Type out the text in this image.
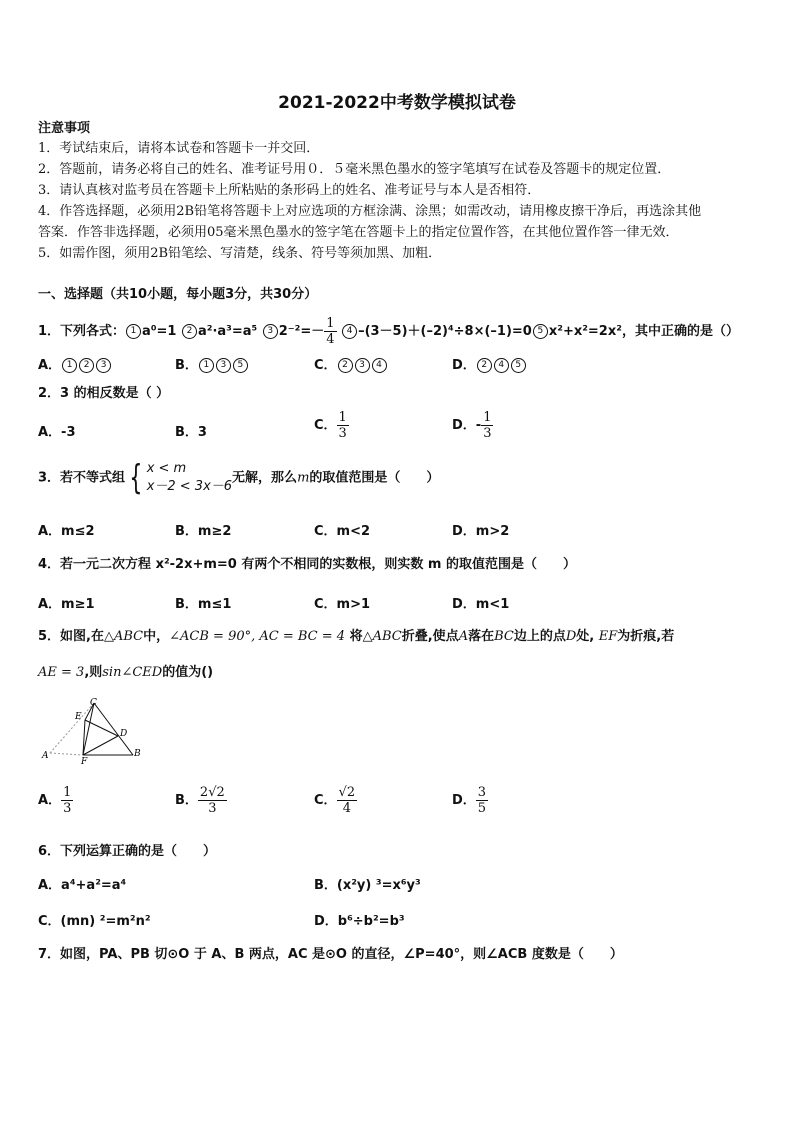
2021-2022中考数学模拟试卷
注意事项
1．考试结束后，请将本试卷和答题卡一并交回．
2．答题前，请务必将自己的姓名、准考证号用０．５毫米黑色墨水的签字笔填写在试卷及答题卡的规定位置．
3．请认真核对监考员在答题卡上所粘贴的条形码上的姓名、准考证号与本人是否相符．
4．作答选择题，必须用2B铅笔将答题卡上对应选项的方框涂满、涂黑；如需改动，请用橡皮擦干净后，再选涂其他
答案．作答非选择题，必须用05毫米黑色墨水的签字笔在答题卡上的指定位置作答，在其他位置作答一律无效．
5．如需作图，须用2B铅笔绘、写清楚，线条、符号等须加黑、加粗．
一、选择题（共10小题，每小题3分，共30分）
1．下列各式： 1 a⁰=1 2 a²·a³=a⁵ 3 $2^{-2}=- \frac{1}{4} 4$ –(3－5)＋(–2)⁴÷8×(–1)=0 5 x²+x²=2x²，其中正确的是（）
A． 1 2 3	B． 1 3 5	C． 2 3 4	D． 2 4 5
2．3 的相反数是（ ）
A．-3	B．3	C． $\frac{1}{3}$	D．- $\frac{1}{3}$
3．若不等式组 { x < m
x－2 < 3x－6
无解，那么m的取值范围是（　　）
A．m≤2	B．m≥2	C．m<2	D．m>2
4．若一元二次方程 x²-2x+m=0 有两个不相同的实数根，则实数 m 的取值范围是（　　）
A．m≥1	B．m≤1	C．m>1	D．m<1
5．如图,在△ABC中，∠ACB = 90°, AC = BC = 4 将△ABC折叠,使点A落在BC边上的点D处, EF为折痕,若
AE = 3,则sin∠CED的值为()
C
E
D
A
F
B
A． $\frac{1}{3}$	B． $\frac{2√2}{3}$	C． $\frac{√2}{4}$	D． $\frac{3}{5}$
6．下列运算正确的是（　　）
A．a⁴+a²=a⁴	B．(x²y) ³=x⁶y³
C．(mn) ²=m²n²	D．b⁶÷b²=b³
7．如图，PA、PB 切⊙O 于 A、B 两点，AC 是⊙O 的直径，∠P=40°，则∠ACB 度数是（　　）
